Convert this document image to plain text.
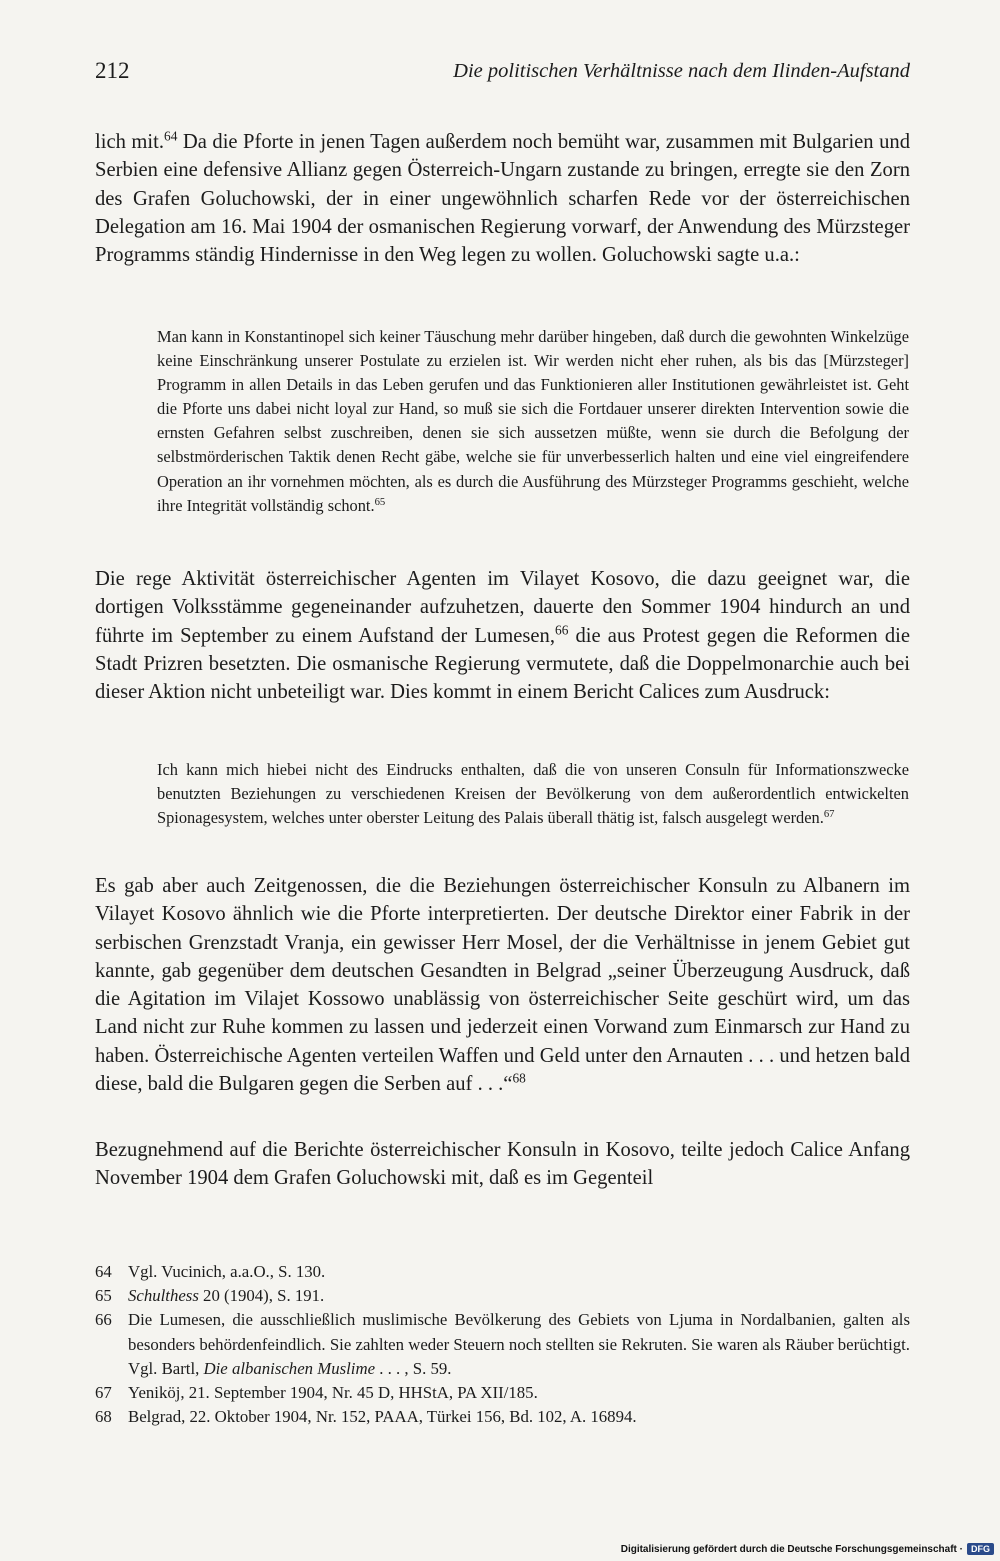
212	Die politischen Verhältnisse nach dem Ilinden-Aufstand

lich mit.$^{64}$ Da die Pforte in jenen Tagen außerdem noch bemüht war, zusammen mit Bulgarien und Serbien eine defensive Allianz gegen Österreich-Ungarn zustande zu bringen, erregte sie den Zorn des Grafen Goluchowski, der in einer ungewöhnlich scharfen Rede vor der österreichischen Delegation am 16. Mai 1904 der osmanischen Regierung vorwarf, der Anwendung des Mürzsteger Programms ständig Hindernisse in den Weg legen zu wollen. Goluchowski sagte u.a.:

Man kann in Konstantinopel sich keiner Täuschung mehr darüber hingeben, daß durch die gewohnten Winkelzüge keine Einschränkung unserer Postulate zu erzielen ist. Wir werden nicht eher ruhen, als bis das [Mürzsteger] Programm in allen Details in das Leben gerufen und das Funktionieren aller Institutionen gewährleistet ist. Geht die Pforte uns dabei nicht loyal zur Hand, so muß sie sich die Fortdauer unserer direkten Intervention sowie die ernsten Gefahren selbst zuschreiben, denen sie sich aussetzen müßte, wenn sie durch die Befolgung der selbstmörderischen Taktik denen Recht gäbe, welche sie für unverbesserlich halten und eine viel eingreifendere Operation an ihr vornehmen möchten, als es durch die Ausführung des Mürzsteger Programms geschieht, welche ihre Integrität vollständig schont.$^{65}$

Die rege Aktivität österreichischer Agenten im Vilayet Kosovo, die dazu geeignet war, die dortigen Volksstämme gegeneinander aufzuhetzen, dauerte den Sommer 1904 hindurch an und führte im September zu einem Aufstand der Lumesen,$^{66}$ die aus Protest gegen die Reformen die Stadt Prizren besetzten. Die osmanische Regierung vermutete, daß die Doppelmonarchie auch bei dieser Aktion nicht unbeteiligt war. Dies kommt in einem Bericht Calices zum Ausdruck:

Ich kann mich hiebei nicht des Eindrucks enthalten, daß die von unseren Consuln für Informationszwecke benutzten Beziehungen zu verschiedenen Kreisen der Bevölkerung von dem außerordentlich entwickelten Spionagesystem, welches unter oberster Leitung des Palais überall thätig ist, falsch ausgelegt werden.$^{67}$

Es gab aber auch Zeitgenossen, die die Beziehungen österreichischer Konsuln zu Albanern im Vilayet Kosovo ähnlich wie die Pforte interpretierten. Der deutsche Direktor einer Fabrik in der serbischen Grenzstadt Vranja, ein gewisser Herr Mosel, der die Verhältnisse in jenem Gebiet gut kannte, gab gegenüber dem deutschen Gesandten in Belgrad „seiner Überzeugung Ausdruck, daß die Agitation im Vilajet Kossowo unablässig von österreichischer Seite geschürt wird, um das Land nicht zur Ruhe kommen zu lassen und jederzeit einen Vorwand zum Einmarsch zur Hand zu haben. Österreichische Agenten verteilen Waffen und Geld unter den Arnauten . . . und hetzen bald diese, bald die Bulgaren gegen die Serben auf . . .“$^{68}$

Bezugnehmend auf die Berichte österreichischer Konsuln in Kosovo, teilte jedoch Calice Anfang November 1904 dem Grafen Goluchowski mit, daß es im Gegenteil

64 Vgl. Vucinich, a.a.O., S. 130.

65 Schulthess 20 (1904), S. 191.

66 Die Lumesen, die ausschließlich muslimische Bevölkerung des Gebiets von Ljuma in Nordalbanien, galten als besonders behördenfeindlich. Sie zahlten weder Steuern noch stellten sie Rekruten. Sie waren als Räuber berüchtigt. Vgl. Bartl, Die albanischen Muslime . . . , S. 59.

67 Yeniköj, 21. September 1904, Nr. 45 D, HHStA, PA XII/185.

68 Belgrad, 22. Oktober 1904, Nr. 152, PAAA, Türkei 156, Bd. 102, A. 16894.

Digitalisierung gefördert durch die Deutsche Forschungsgemeinschaft · DFG
